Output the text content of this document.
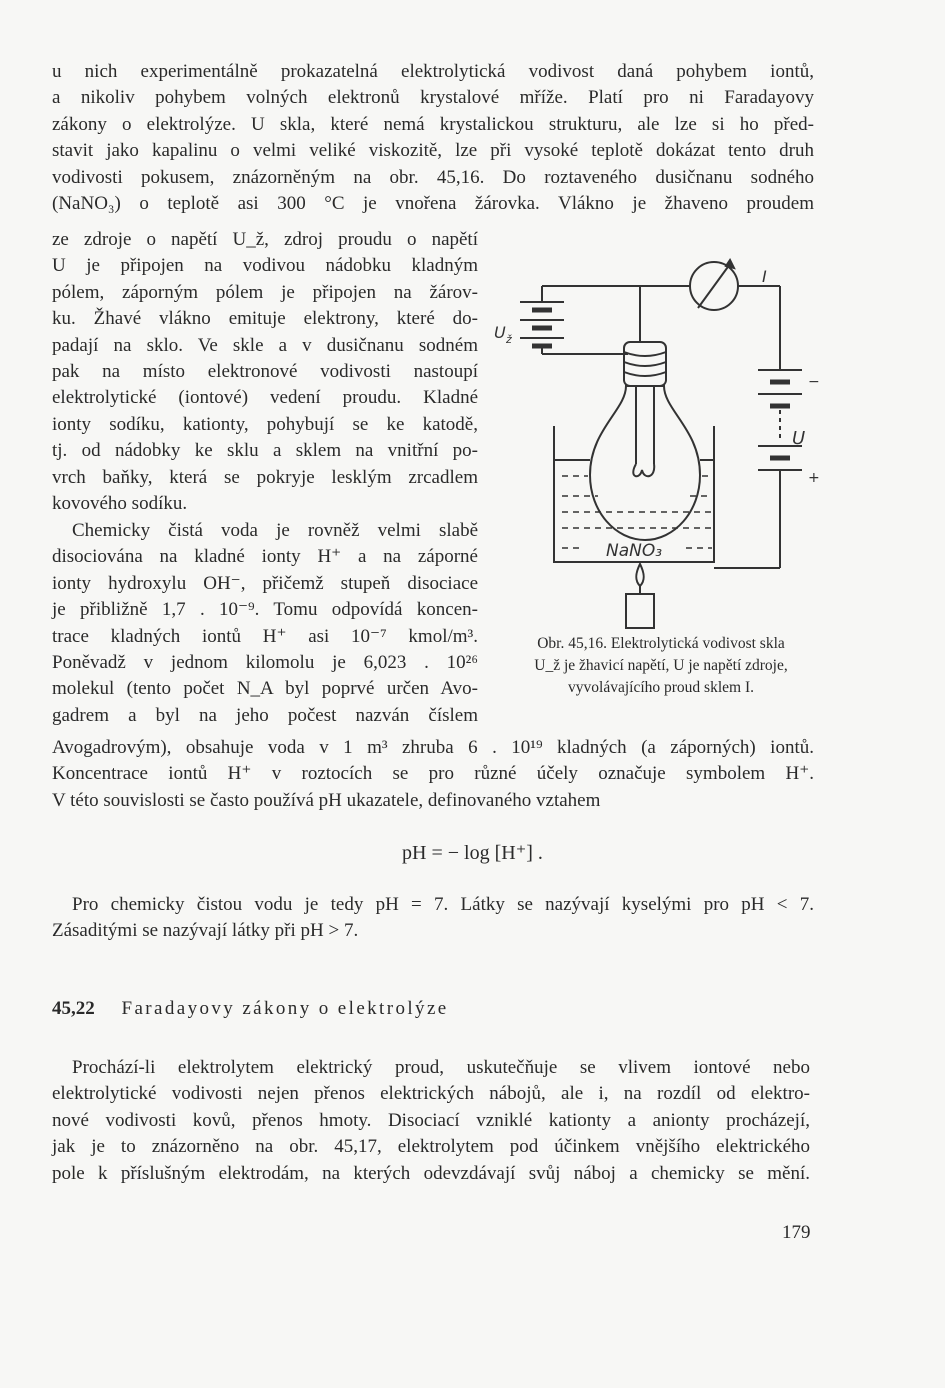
u nich experimentálně prokazatelná elektrolytická vodivost daná pohybem iontů,
a nikoliv pohybem volných elektronů krystalové mříže. Platí pro ni Faradayovy
zákony o elektrolýze. U skla, které nemá krystalickou strukturu, ale lze si ho před-
stavit jako kapalinu o velmi veliké viskozitě, lze při vysoké teplotě dokázat tento druh
vodivosti pokusem, znázorněným na obr. 45,16. Do roztaveného dusičnanu sodného
(NaNO₃) o teplotě asi 300 °C je vnořena žárovka. Vlákno je žhaveno proudem
ze zdroje o napětí U_ž, zdroj proudu o napětí
U je připojen na vodivou nádobku kladným
pólem, záporným pólem je připojen na žárov-
ku. Žhavé vlákno emituje elektrony, které do-
padají na sklo. Ve skle a v dusičnanu sodném
pak na místo elektronové vodivosti nastoupí
elektrolytické (iontové) vedení proudu. Kladné
ionty sodíku, kationty, pohybují se ke katodě,
tj. od nádobky ke sklu a sklem na vnitřní po-
vrch baňky, která se pokryje lesklým zrcadlem
kovového sodíku.
Chemicky čistá voda je rovněž velmi slabě
disociována na kladné ionty H⁺ a na záporné
ionty hydroxylu OH⁻, přičemž stupeň disociace
je přibližně 1,7 . 10⁻⁹. Tomu odpovídá koncen-
trace kladných iontů H⁺ asi 10⁻⁷ kmol/m³.
Poněvadž v jednom kilomolu je 6,023 . 10²⁶
molekul (tento počet N_A byl poprvé určen Avo-
gadrem a byl na jeho počest nazván číslem
U ž
I
U
−
+
NaNO₃
Obr. 45,16. Elektrolytická vodivost skla
U_ž je žhavicí napětí, U je napětí zdroje,
vyvolávajícího proud sklem I.
Avogadrovým), obsahuje voda v 1 m³ zhruba 6 . 10¹⁹ kladných (a záporných) iontů.
Koncentrace iontů H⁺ v roztocích se pro různé účely označuje symbolem H⁺.
V této souvislosti se často používá pH ukazatele, definovaného vztahem
pH = − log [H⁺] .
Pro chemicky čistou vodu je tedy pH = 7. Látky se nazývají kyselými pro pH < 7.
Zásaditými se nazývají látky při pH > 7.
45,22 Faradayovy zákony o elektrolýze
Prochází-li elektrolytem elektrický proud, uskutečňuje se vlivem iontové nebo
elektrolytické vodivosti nejen přenos elektrických nábojů, ale i, na rozdíl od elektro-
nové vodivosti kovů, přenos hmoty. Disociací vzniklé kationty a anionty procházejí,
jak je to znázorněno na obr. 45,17, elektrolytem pod účinkem vnějšího elektrického
pole k příslušným elektrodám, na kterých odevzdávají svůj náboj a chemicky se mění.
179
